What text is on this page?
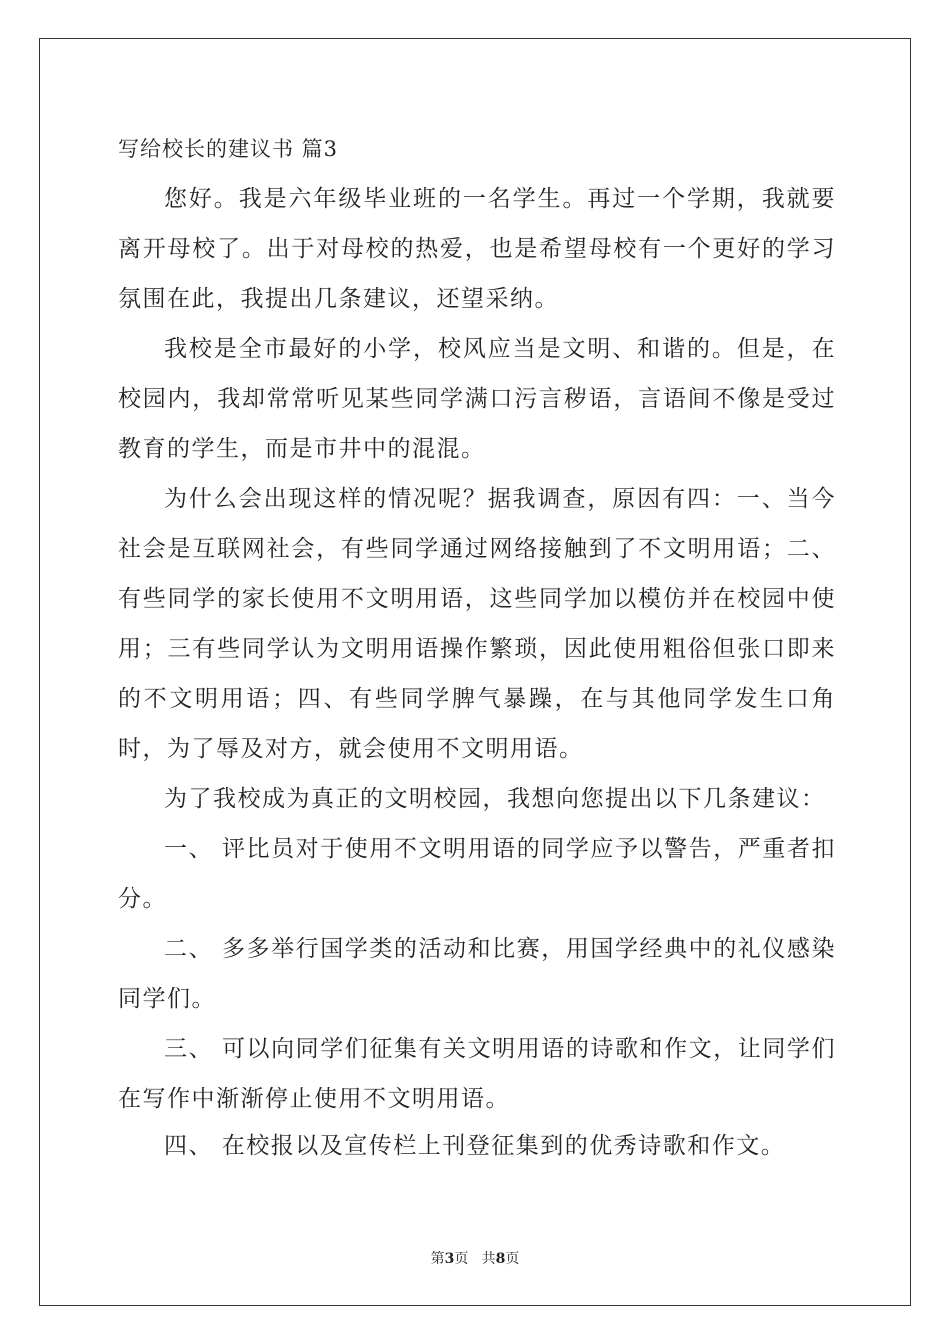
写给校长的建议书 篇3

您好。我是六年级毕业班的一名学生。再过一个学期，我就要离开母校了。出于对母校的热爱，也是希望母校有一个更好的学习氛围在此，我提出几条建议，还望采纳。

我校是全市最好的小学，校风应当是文明、和谐的。但是，在校园内，我却常常听见某些同学满口污言秽语，言语间不像是受过教育的学生，而是市井中的混混。

为什么会出现这样的情况呢？据我调查，原因有四：一、当今社会是互联网社会，有些同学通过网络接触到了不文明用语；二、有些同学的家长使用不文明用语，这些同学加以模仿并在校园中使用；三有些同学认为文明用语操作繁琐，因此使用粗俗但张口即来的不文明用语；四、有些同学脾气暴躁，在与其他同学发生口角时，为了辱及对方，就会使用不文明用语。

为了我校成为真正的文明校园，我想向您提出以下几条建议：

一、 评比员对于使用不文明用语的同学应予以警告，严重者扣分。

二、 多多举行国学类的活动和比赛，用国学经典中的礼仪感染同学们。

三、 可以向同学们征集有关文明用语的诗歌和作文，让同学们在写作中渐渐停止使用不文明用语。

四、 在校报以及宣传栏上刊登征集到的优秀诗歌和作文。

第3页   共8页
